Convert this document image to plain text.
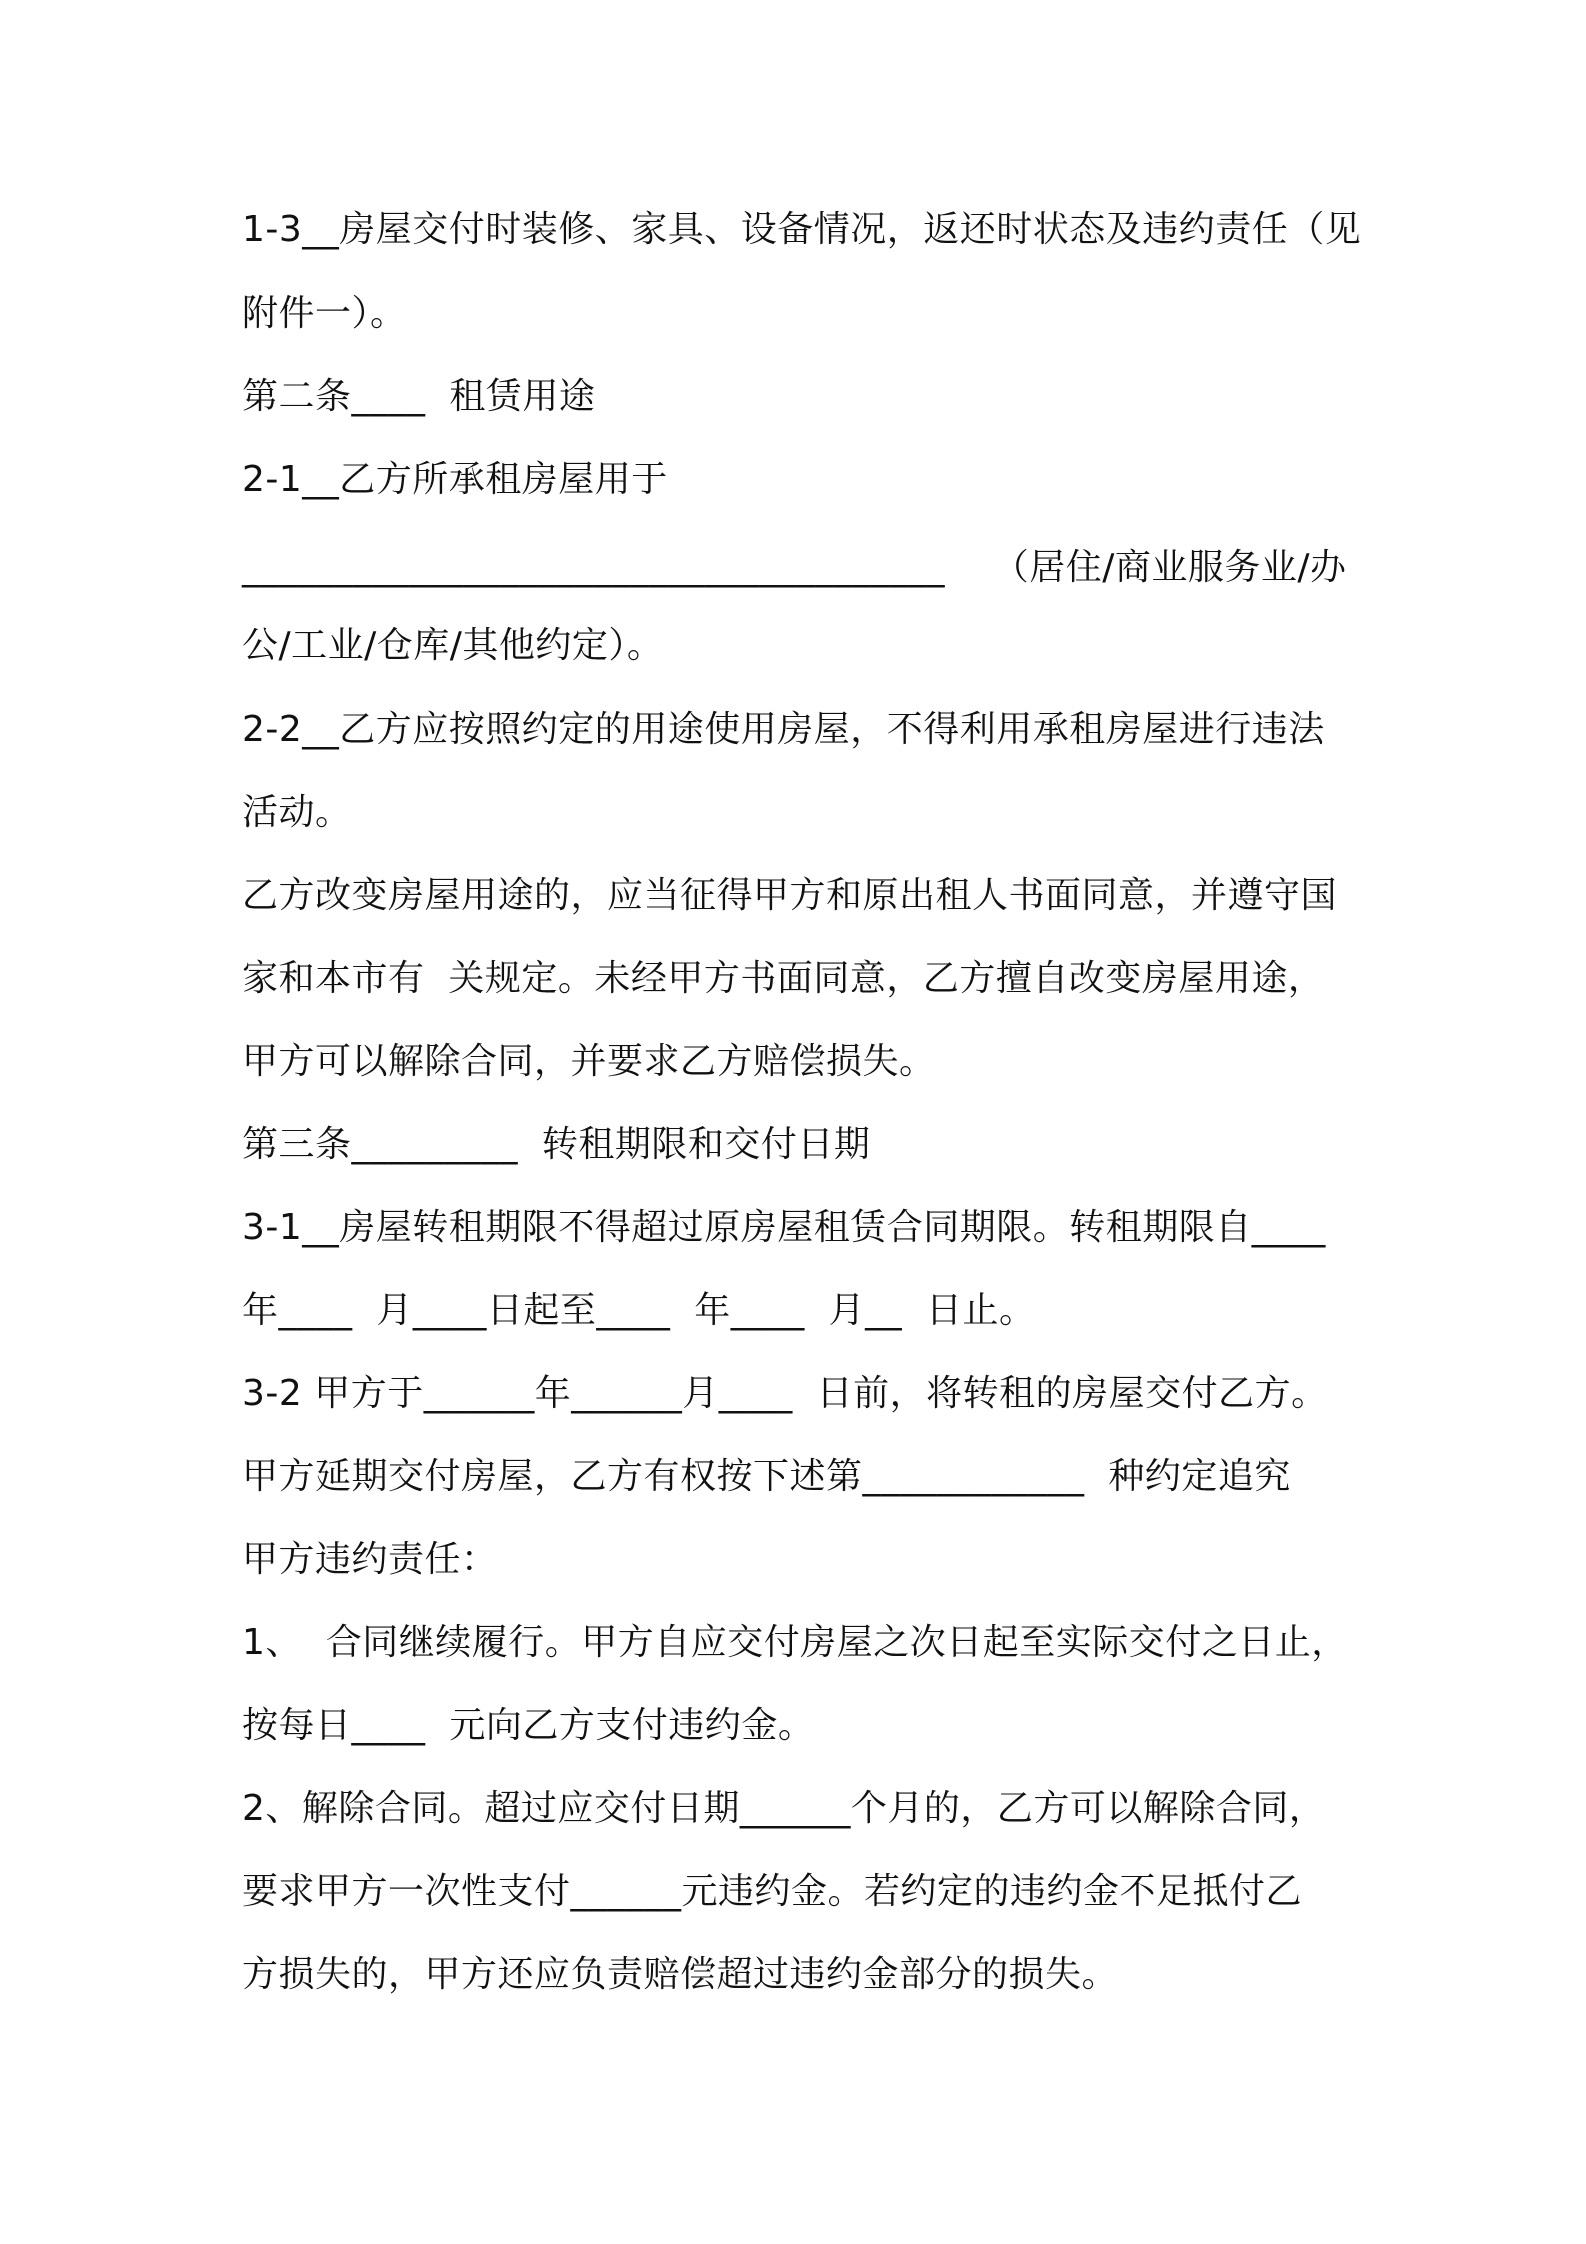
1-3__房屋交付时装修、家具、设备情况，返还时状态及违约责任（见
附件一）。
第二条____  租赁用途
2-1__乙方所承租房屋用于
______________________________________    （居住/商业服务业/办
公/工业/仓库/其他约定）。
2-2__乙方应按照约定的用途使用房屋，不得利用承租房屋进行违法
活动。
乙方改变房屋用途的，应当征得甲方和原出租人书面同意，并遵守国
家和本市有  关规定。未经甲方书面同意，乙方擅自改变房屋用途，
甲方可以解除合同，并要求乙方赔偿损失。
第三条_________  转租期限和交付日期
3-1__房屋转租期限不得超过原房屋租赁合同期限。转租期限自____
年____  月____日起至____  年____  月__  日止。
3-2 甲方于______年______月____  日前，将转租的房屋交付乙方。
甲方延期交付房屋，乙方有权按下述第____________  种约定追究
甲方违约责任：
1、  合同继续履行。甲方自应交付房屋之次日起至实际交付之日止，
按每日____  元向乙方支付违约金。
2、解除合同。超过应交付日期______个月的，乙方可以解除合同，
要求甲方一次性支付______元违约金。若约定的违约金不足抵付乙
方损失的，甲方还应负责赔偿超过违约金部分的损失。
